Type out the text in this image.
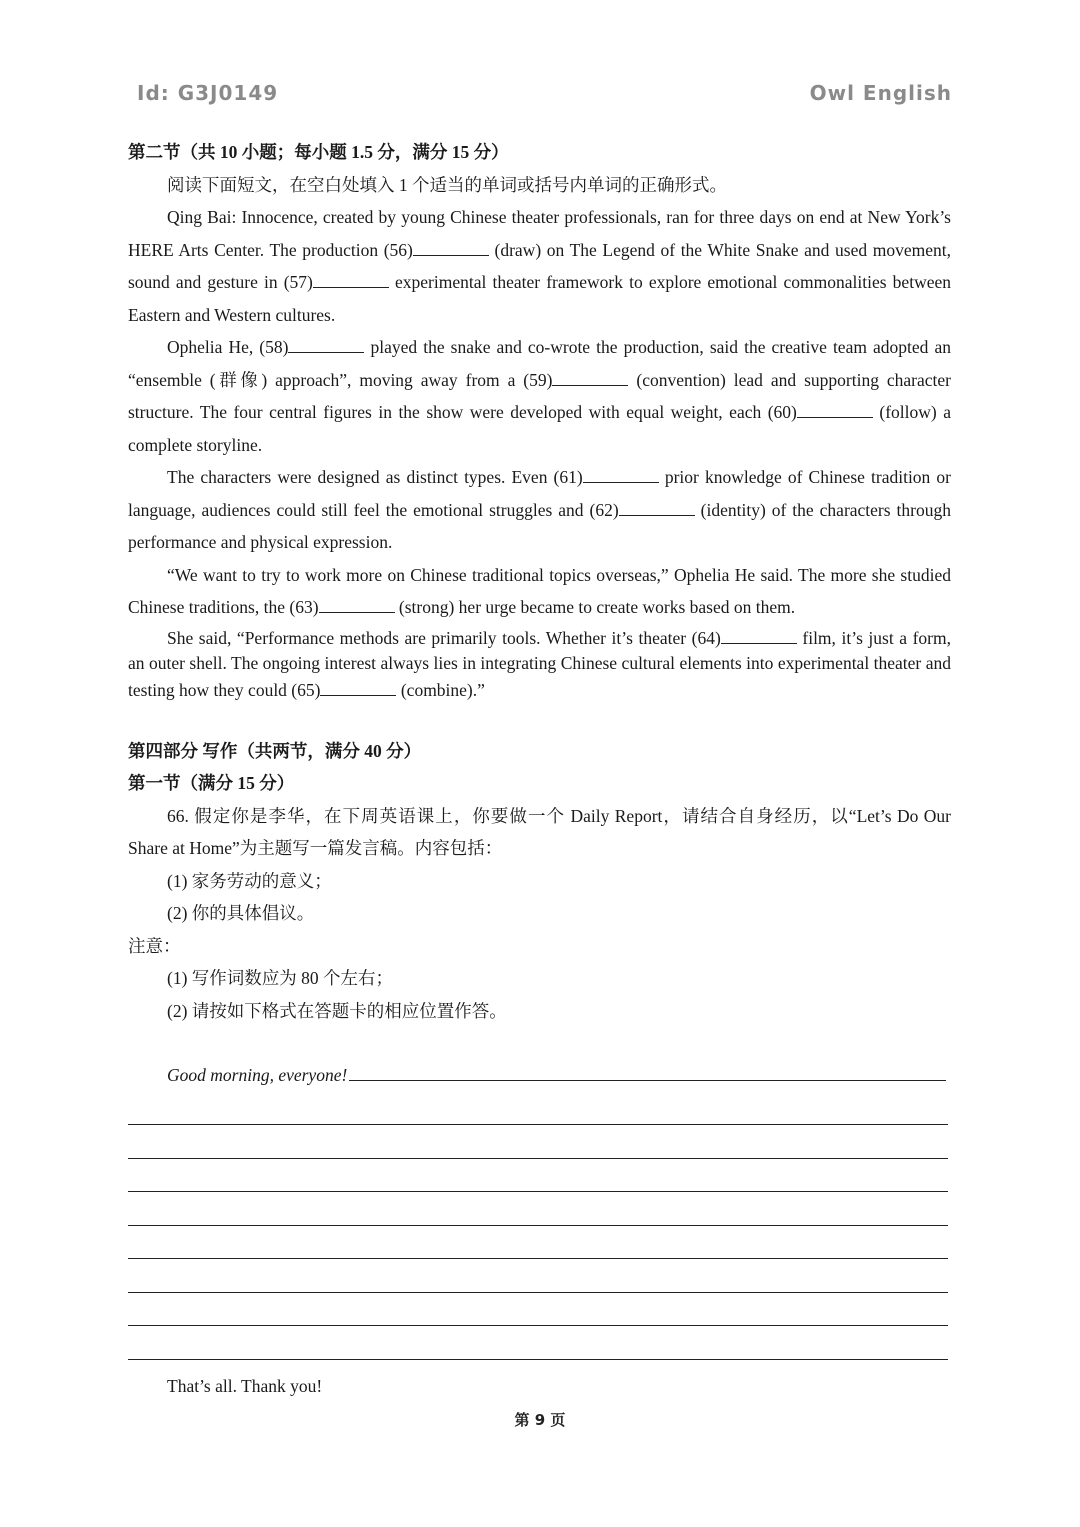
Id: G3J0149	Owl English
第二节（共 10 小题；每小题 1.5 分，满分 15 分）
阅读下面短文，在空白处填入 1 个适当的单词或括号内单词的正确形式。
Qing Bai: Innocence, created by young Chinese theater professionals, ran for three days on end at New York’s HERE Arts Center. The production (56)	(draw) on The Legend of the White Snake and used movement, sound and gesture in (57)	experimental theater framework to explore emotional commonalities between Eastern and Western cultures.
Ophelia He, (58)	played the snake and co-wrote the production, said the creative team adopted an “ensemble (群像) approach”, moving away from a (59)	(convention) lead and supporting character structure. The four central figures in the show were developed with equal weight, each (60)	(follow) a complete storyline.
The characters were designed as distinct types. Even (61)	prior knowledge of Chinese tradition or language, audiences could still feel the emotional struggles and (62)	(identity) of the characters through performance and physical expression.
“We want to try to work more on Chinese traditional topics overseas,” Ophelia He said. The more she studied Chinese traditions, the (63)	(strong) her urge became to create works based on them.
She said, “Performance methods are primarily tools. Whether it’s theater (64)	film, it’s just a form, an outer shell. The ongoing interest always lies in integrating Chinese cultural elements into experimental theater and testing how they could (65)	(combine).”
第四部分 写作（共两节，满分 40 分）
第一节（满分 15 分）
66. 假定你是李华，在下周英语课上，你要做一个 Daily Report，请结合自身经历，以“Let’s Do Our Share at Home”为主题写一篇发言稿。内容包括：
(1) 家务劳动的意义；
(2) 你的具体倡议。
注意：
(1) 写作词数应为 80 个左右；
(2) 请按如下格式在答题卡的相应位置作答。
Good morning, everyone!
That’s all. Thank you!
第 9 页
